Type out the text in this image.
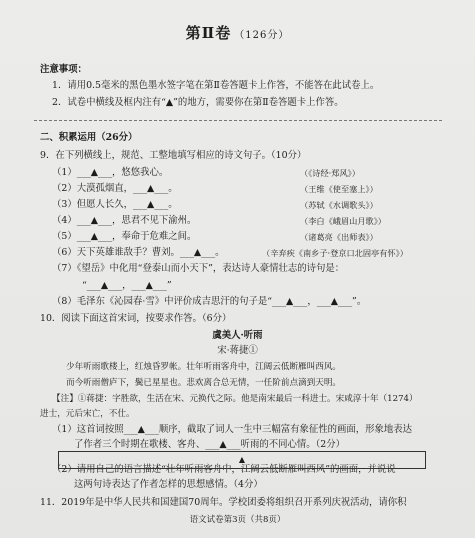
第Ⅱ卷 （126分）
注意事项：
1．请用0.5毫米的黑色墨水签字笔在第Ⅱ卷答题卡上作答，不能答在此试卷上。
2．试卷中横线及框内注有“▲”的地方，需要你在第Ⅱ卷答题卡上作答。
二、积累运用（26分）
9．在下列横线上，规范、工整地填写相应的诗文句子。（10分）
（1）___▲___，悠悠我心。	（《诗经·郑风》）
（2）大漠孤烟直，___▲___。	（王维《使至塞上》）
（3）但愿人长久，___▲___。	（苏轼《水调歌头》）
（4）___▲___，思君不见下渝州。	（李白《峨眉山月歌》）
（5）___▲___，奉命于危难之间。	（诸葛亮《出师表》）
（6）天下英雄谁敌手？曹刘。___▲___。	（辛弃疾《南乡子·登京口北固亭有怀》）
（7）《望岳》中化用“登泰山而小天下”，表达诗人豪情壮志的诗句是：
“___▲___，___▲___”
（8）毛泽东《沁园春·雪》中评价成吉思汗的句子是“___▲___，___▲___”。
10．阅读下面这首宋词，按要求作答。（6分）
虞美人·听雨
宋·蒋捷①
少年听雨歌楼上，红烛昏罗帐。壮年听雨客舟中，江阔云低断雁叫西风。
而今听雨僧庐下，鬓已星星也。悲欢离合总无情，一任阶前点滴到天明。
【注】①蒋捷：字胜欲，生活在宋、元换代之际。他是南宋最后一科进士。宋咸淳十年（1274）
进士，元后宋亡，不仕。
（1）这首词按照___▲___顺序，截取了词人一生中三幅富有象征性的画面，形象地表达
了作者三个时期在歌楼、客舟、___▲___听雨的不同心情。（2分）
（2）请用自己的语言描述“壮年听雨客舟中，江阔云低断雁叫西风”的画面，并说说
这两句诗表达了作者怎样的思想感情。（4分）
▲
11．2019年是中华人民共和国建国70周年。学校团委将组织召开系列庆祝活动，请你积
语文试卷第3页（共8页）
